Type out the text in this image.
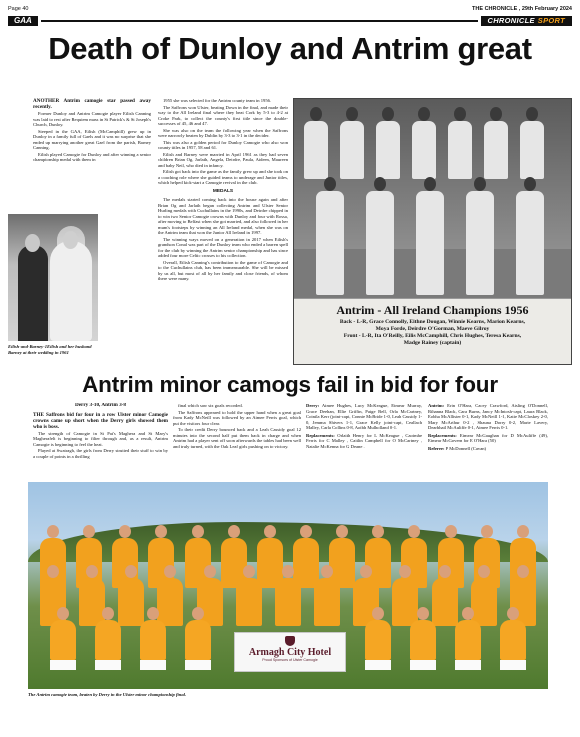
Page 40	THE CHRONICLE , 29th February 2024
GAA	CHRONICLE SPORT
Death of Dunloy and Antrim great

ANOTHER Antrim camogie star passed away recently.

Former Dunloy and Antrim Camogie player Eilish Canning was laid to rest after Requiem mass in St Patrick's & St Joseph's Church, Dunloy.

Steeped in the GAA, Eilish (McCamphill) grew up in Dunloy in a family full of Gaels and it was no surprise that she ended up marrying another great Gael from the parish, Barney Canning.

Eilish played Camogie for Dunloy and after winning a senior championship medal with them in

Eilish-and-Barney-1Eilish and her husband Barney at their wedding in 1961

1955 she was selected for the Antrim county team in 1956.

The Saffrons won Ulster, beating Down in the final, and made their way to the All Ireland final where they beat Cork by 5-3 to 4-2 at Croke Park, to collect the county's first title since the double-successes of 45, 46 and 47.

She was also on the team the following year when the Saffrons were narrowly beaten by Dublin by 3-3 to 3-1 in the decider.

This was also a golden period for Dunloy Camogie who also won county titles in 1957, 58 and 61.

Eilish and Barney were married in April 1961 as they had seven children Brian Og, Jarlath, Angela, Deirdre, Paula, Aideen, Maureen and baby Neil, who died in infancy.

Eilish got back into the game as the family grew up and she took on a coaching role where she guided teams to underage and Junior titles, which helped kick-start a Camogie revival in the club.

MEDALS

The medals started coming back into the house again and after Brian Og and Jarlath began collecting Antrim and Ulster Senior Hurling medals with Cuchullains in the 1990s, and Deirdre chipped in to win two Senior Camogie crowns with Dunloy and four with Rossa, after moving to Belfast when she got married, and also followed in her mum's footsteps by winning an All Ireland medal, when she was on the Antrim team that won the Junior All Ireland in 1997.

The winning ways moved on a generation in 2017 when Eilish's grandson Conal was part of the Dunloy team who ended a barren spell for the club by winning the Antrim senior championship and has since added four more Celtic crosses to his collection.

Overall, Eilish Canning's contribution to the game of Camogie and to the Cuchullains club, has been immeasurable. She will be missed by us all, but most of all by her family and close friends, of whom there were many.

Antrim - All Ireland Champions 1956
Back - L-R, Grace Connolly, Eithne Dougan, Winnie Kearns, Marion Kearns,
Moya Forde, Deirdre O'Gorman, Maeve Gilroy
Front - L-R, Ita O'Reilly, Eilis McCamphill, Chris Hughes, Teresa Kearns,
Madge Rainey (captain)
Antrim minor camogs fail in bid for four
Derry 3-10, Antrim 3-8

THE Saffrons bid for four in a row Ulster minor Camogie crowns came up short when the Derry girls showed them who is boss.

The strength of Camogie in St Pat's Maghera and St Mary's Magherafelt is beginning to filter through and, as a result, Antrim Camogie is beginning to feel the heat.

Played at Swatragh, the girls from Derry strutted their stuff to win by a couple of points in a thrilling

final which saw six goals recorded.

The Saffrons appeared to hold the upper hand when a great goal from Kady McNeill was followed by an Aimee Ferris goal, which put the visitors four clear.

To their credit Derry bounced back and a Leah Cassidy goal 12 minutes into the second half put them back in charge and when Antrim had a player sent off soon afterwards the tables had been well and truly turned, with the Oak Leaf girls pushing on to victory.

Derry: Aimee Hughes, Lucy McKeague, Eimear Murray, Grace Deehan, Ellie Griffin, Paige Bell, Orla McCartney, Coinila Kerr (joint-capt, Connie McBride 1-0, Leah Cassidy 1-0, Jemma Shivers 1-1, Grace Kelly joint-capt, Ceallach Malley, Carla Collins 0-8, Aoibh Mulholland 0-1.

Replacements: Orlaith Henry for L McKeague , Caoimhe Ferris for C Malley , Caitlin Campbell for O McCartney , Natalie McKenna for G Deane .

Antrim: Erin O'Hara, Cacey Crawford, Aisling O'Donnell, Rihanna Black, Cara Burns, Jancy McIntosh-capt, Laura Black, Eobha McAllister 0-1, Kady McNeill 1-1, Katie McCloskey 2-0, Mary McArthur 0-2 , Shauna Dorry 0-2, Marie Lavery, Dearbhail McAuliffe 0-1, Aimee Ferris 0-1.

Replacements: Eimear McGaughan for D McAuliffe (49), Eimear McGovern for E O'Hara (50)

Referee: P McDonnell (Cavan)

Armagh City Hotel
Proud Sponsors of Ulster Camogie
The Antrim camogie team, beaten by Derry in the Ulster minor championship final.
